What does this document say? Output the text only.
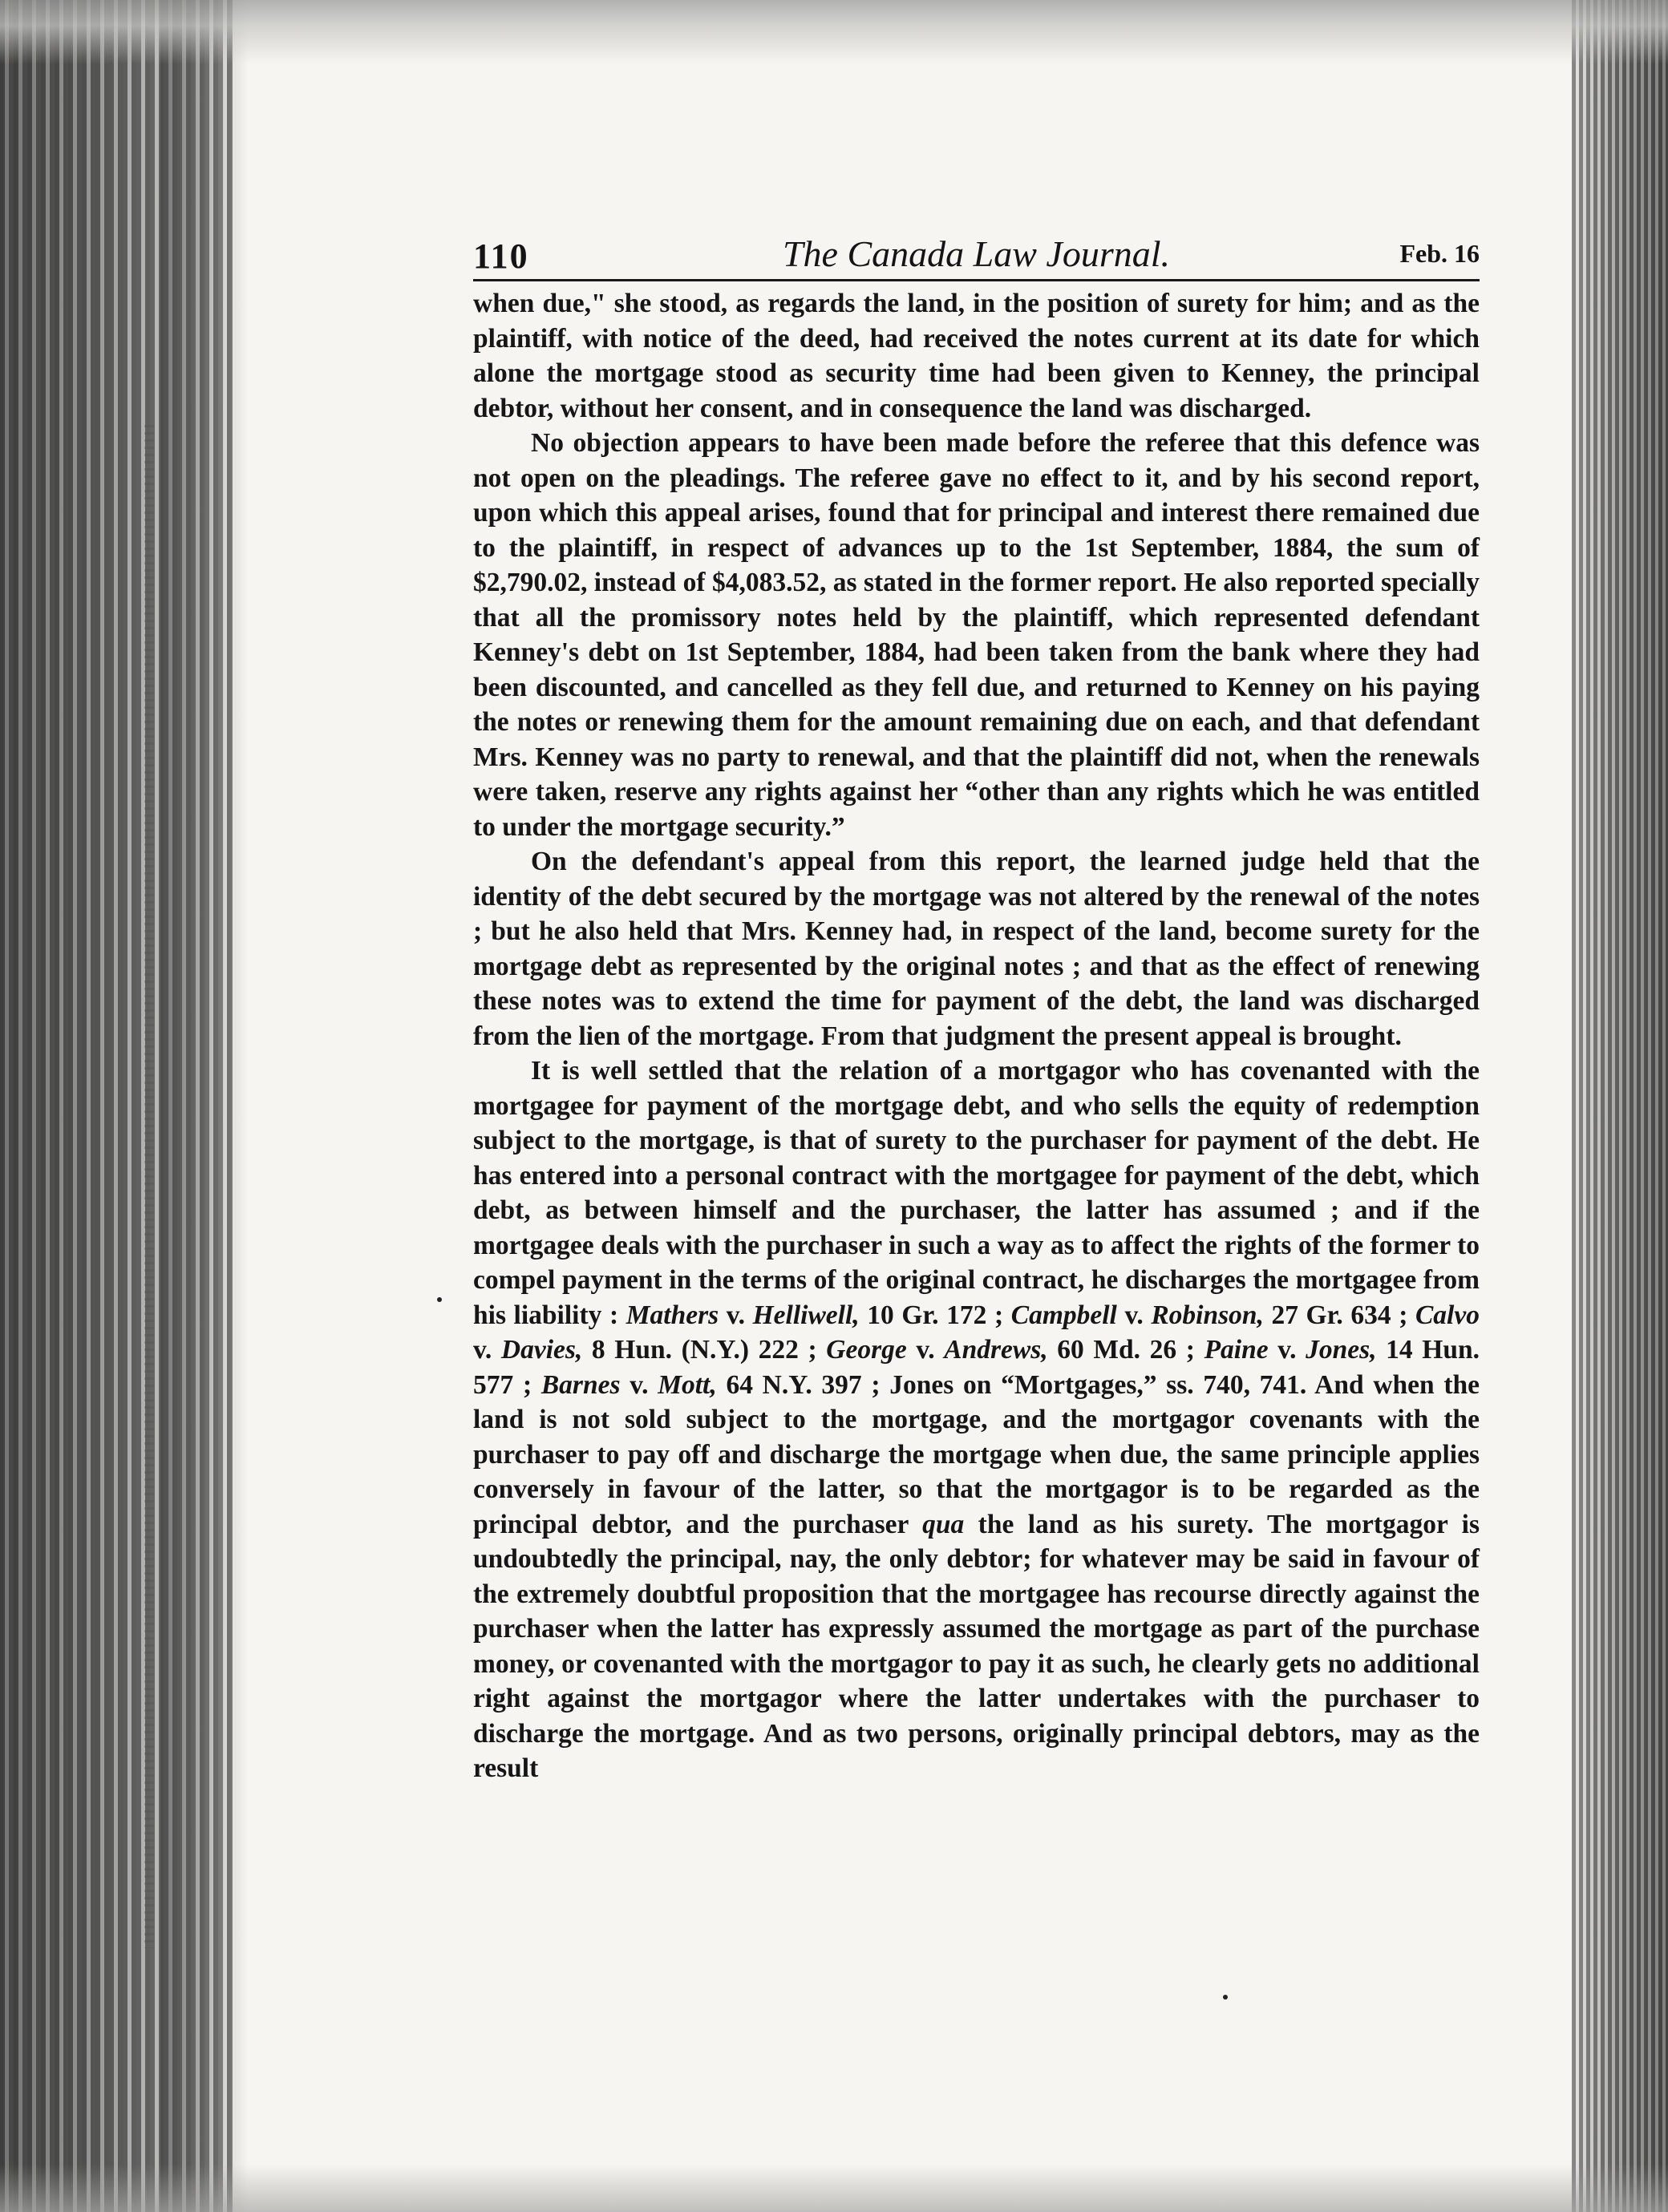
110	The Canada Law Journal.	Feb. 16

when due," she stood, as regards the land, in the position of surety for him; and as the plaintiff, with notice of the deed, had received the notes current at its date for which alone the mortgage stood as security time had been given to Kenney, the principal debtor, without her consent, and in consequence the land was discharged.

No objection appears to have been made before the referee that this defence was not open on the pleadings. The referee gave no effect to it, and by his second report, upon which this appeal arises, found that for principal and interest there remained due to the plaintiff, in respect of advances up to the 1st September, 1884, the sum of $2,790.02, instead of $4,083.52, as stated in the former report. He also reported specially that all the promissory notes held by the plaintiff, which represented defendant Kenney's debt on 1st September, 1884, had been taken from the bank where they had been discounted, and cancelled as they fell due, and returned to Kenney on his paying the notes or renewing them for the amount remaining due on each, and that defendant Mrs. Kenney was no party to renewal, and that the plaintiff did not, when the renewals were taken, reserve any rights against her “other than any rights which he was entitled to under the mortgage security.”

On the defendant's appeal from this report, the learned judge held that the identity of the debt secured by the mortgage was not altered by the renewal of the notes ; but he also held that Mrs. Kenney had, in respect of the land, become surety for the mortgage debt as represented by the original notes ; and that as the effect of renewing these notes was to extend the time for payment of the debt, the land was discharged from the lien of the mortgage. From that judgment the present appeal is brought.

It is well settled that the relation of a mortgagor who has covenanted with the mortgagee for payment of the mortgage debt, and who sells the equity of redemption subject to the mortgage, is that of surety to the purchaser for payment of the debt. He has entered into a personal contract with the mortgagee for payment of the debt, which debt, as between himself and the purchaser, the latter has assumed ; and if the mortgagee deals with the purchaser in such a way as to affect the rights of the former to compel payment in the terms of the original contract, he discharges the mortgagee from his liability : Mathers v. Helliwell, 10 Gr. 172 ; Campbell v. Robinson, 27 Gr. 634 ; Calvo v. Davies, 8 Hun. (N.Y.) 222 ; George v. Andrews, 60 Md. 26 ; Paine v. Jones, 14 Hun. 577 ; Barnes v. Mott, 64 N.Y. 397 ; Jones on “Mortgages,” ss. 740, 741. And when the land is not sold subject to the mortgage, and the mortgagor covenants with the purchaser to pay off and discharge the mortgage when due, the same principle applies conversely in favour of the latter, so that the mortgagor is to be regarded as the principal debtor, and the purchaser qua the land as his surety. The mortgagor is undoubtedly the principal, nay, the only debtor; for whatever may be said in favour of the extremely doubtful proposition that the mortgagee has recourse directly against the purchaser when the latter has expressly assumed the mortgage as part of the purchase money, or covenanted with the mortgagor to pay it as such, he clearly gets no additional right against the mortgagor where the latter undertakes with the purchaser to discharge the mortgage. And as two persons, originally principal debtors, may as the result
